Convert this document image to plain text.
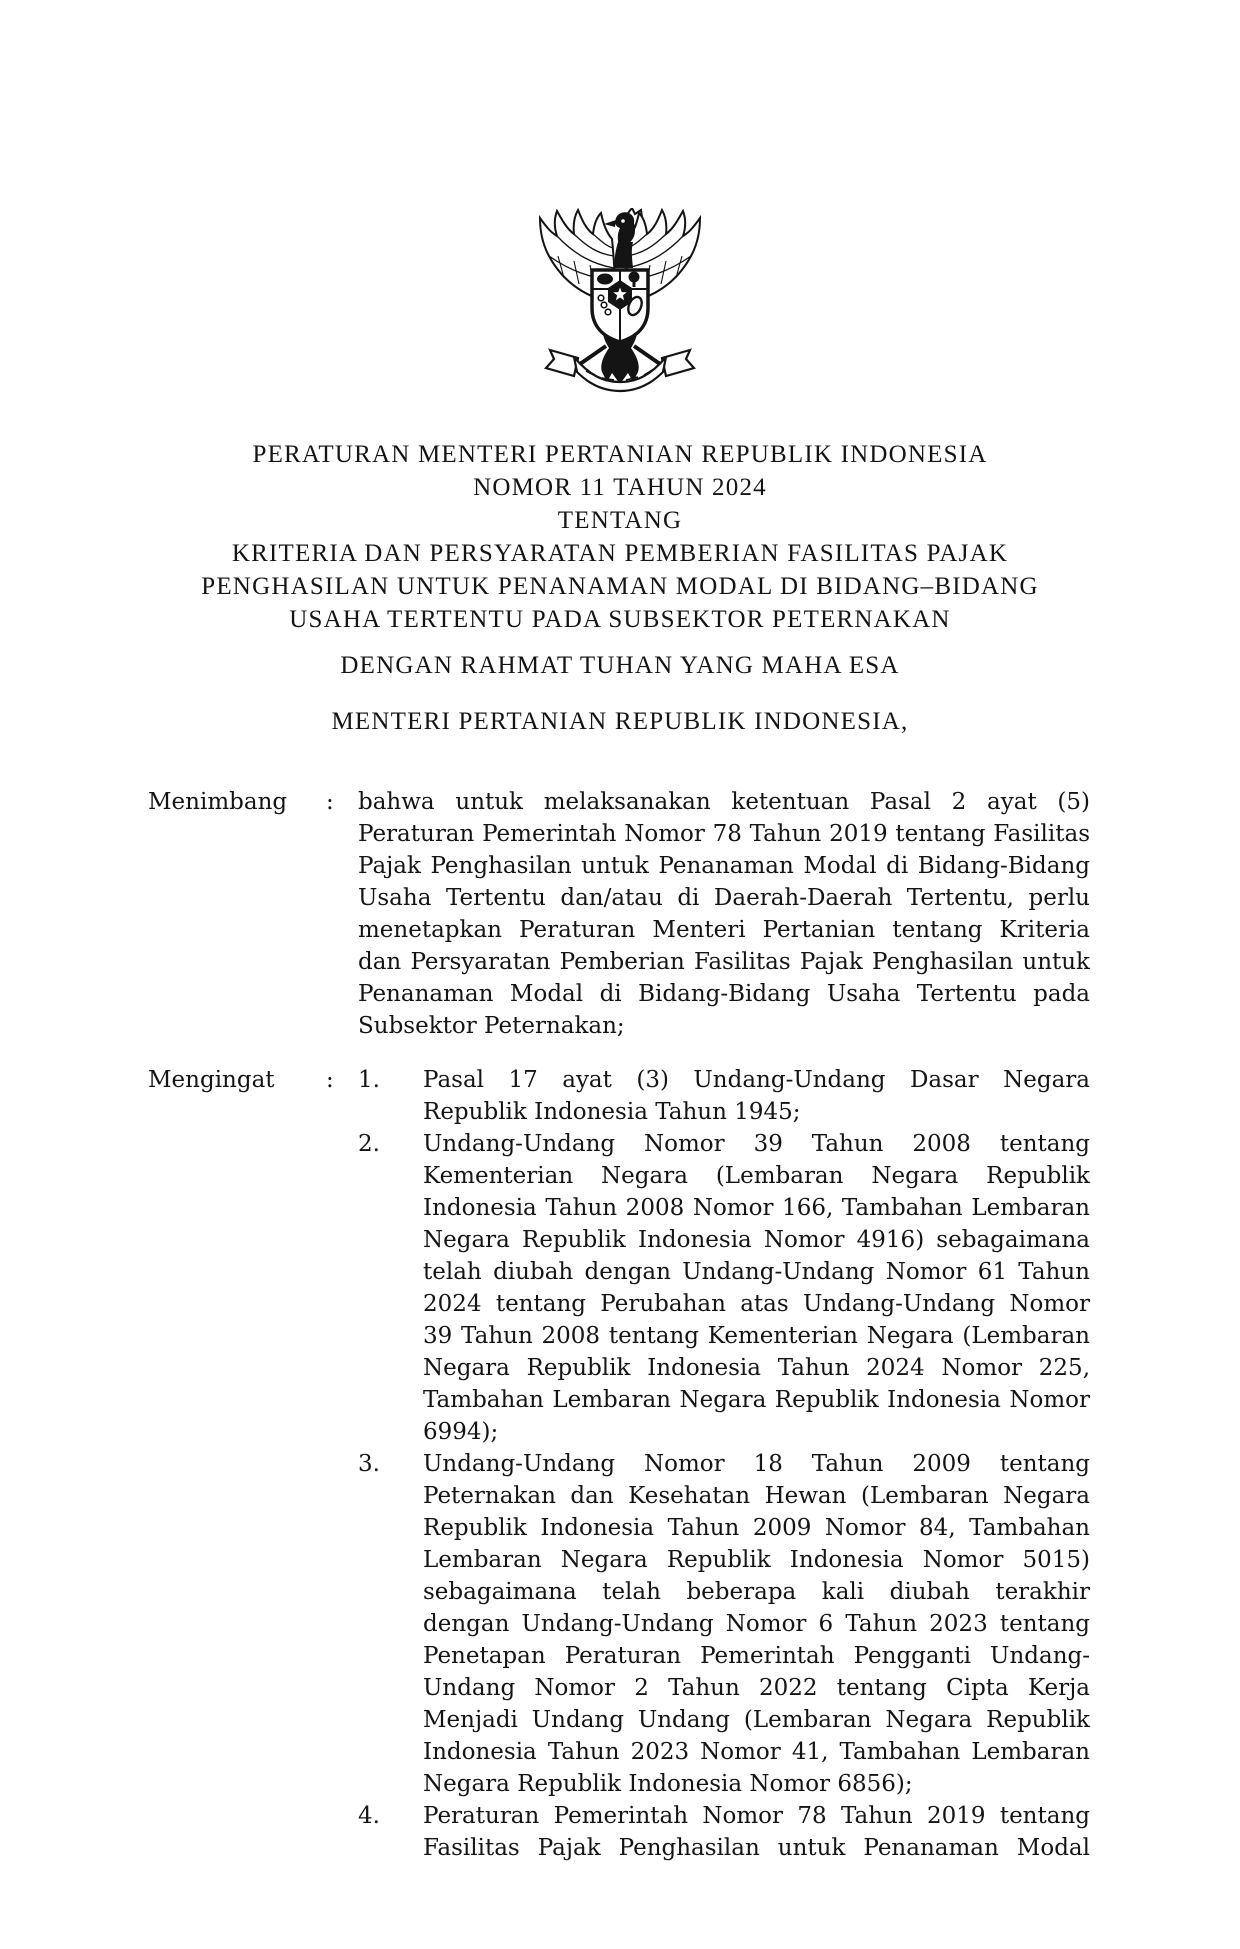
PERATURAN MENTERI PERTANIAN REPUBLIK INDONESIA
NOMOR 11 TAHUN 2024
TENTANG
KRITERIA DAN PERSYARATAN PEMBERIAN FASILITAS PAJAK
PENGHASILAN UNTUK PENANAMAN MODAL DI BIDANG–BIDANG
USAHA TERTENTU PADA SUBSEKTOR PETERNAKAN
DENGAN RAHMAT TUHAN YANG MAHA ESA
MENTERI PERTANIAN REPUBLIK INDONESIA,
Menimbang	:	bahwa untuk melaksanakan ketentuan Pasal 2 ayat (5) Peraturan Pemerintah Nomor 78 Tahun 2019 tentang Fasilitas Pajak Penghasilan untuk Penanaman Modal di Bidang-Bidang Usaha Tertentu dan/atau di Daerah-Daerah Tertentu, perlu menetapkan Peraturan Menteri Pertanian tentang Kriteria dan Persyaratan Pemberian Fasilitas Pajak Penghasilan untuk Penanaman Modal di Bidang-Bidang Usaha Tertentu pada Subsektor Peternakan;
Mengingat	:	1.	Pasal 17 ayat (3) Undang-Undang Dasar Negara Republik Indonesia Tahun 1945;
2.	Undang-Undang Nomor 39 Tahun 2008 tentang Kementerian Negara (Lembaran Negara Republik Indonesia Tahun 2008 Nomor 166, Tambahan Lembaran Negara Republik Indonesia Nomor 4916) sebagaimana telah diubah dengan Undang-Undang Nomor 61 Tahun 2024 tentang Perubahan atas Undang-Undang Nomor 39 Tahun 2008 tentang Kementerian Negara (Lembaran Negara Republik Indonesia Tahun 2024 Nomor 225, Tambahan Lembaran Negara Republik Indonesia Nomor 6994);
3.	Undang-Undang Nomor 18 Tahun 2009 tentang Peternakan dan Kesehatan Hewan (Lembaran Negara Republik Indonesia Tahun 2009 Nomor 84, Tambahan Lembaran Negara Republik Indonesia Nomor 5015) sebagaimana telah beberapa kali diubah terakhir dengan Undang-Undang Nomor 6 Tahun 2023 tentang Penetapan Peraturan Pemerintah Pengganti Undang-Undang Nomor 2 Tahun 2022 tentang Cipta Kerja Menjadi Undang Undang (Lembaran Negara Republik Indonesia Tahun 2023 Nomor 41, Tambahan Lembaran Negara Republik Indonesia Nomor 6856);
4.	Peraturan Pemerintah Nomor 78 Tahun 2019 tentang Fasilitas Pajak Penghasilan untuk Penanaman Modal
